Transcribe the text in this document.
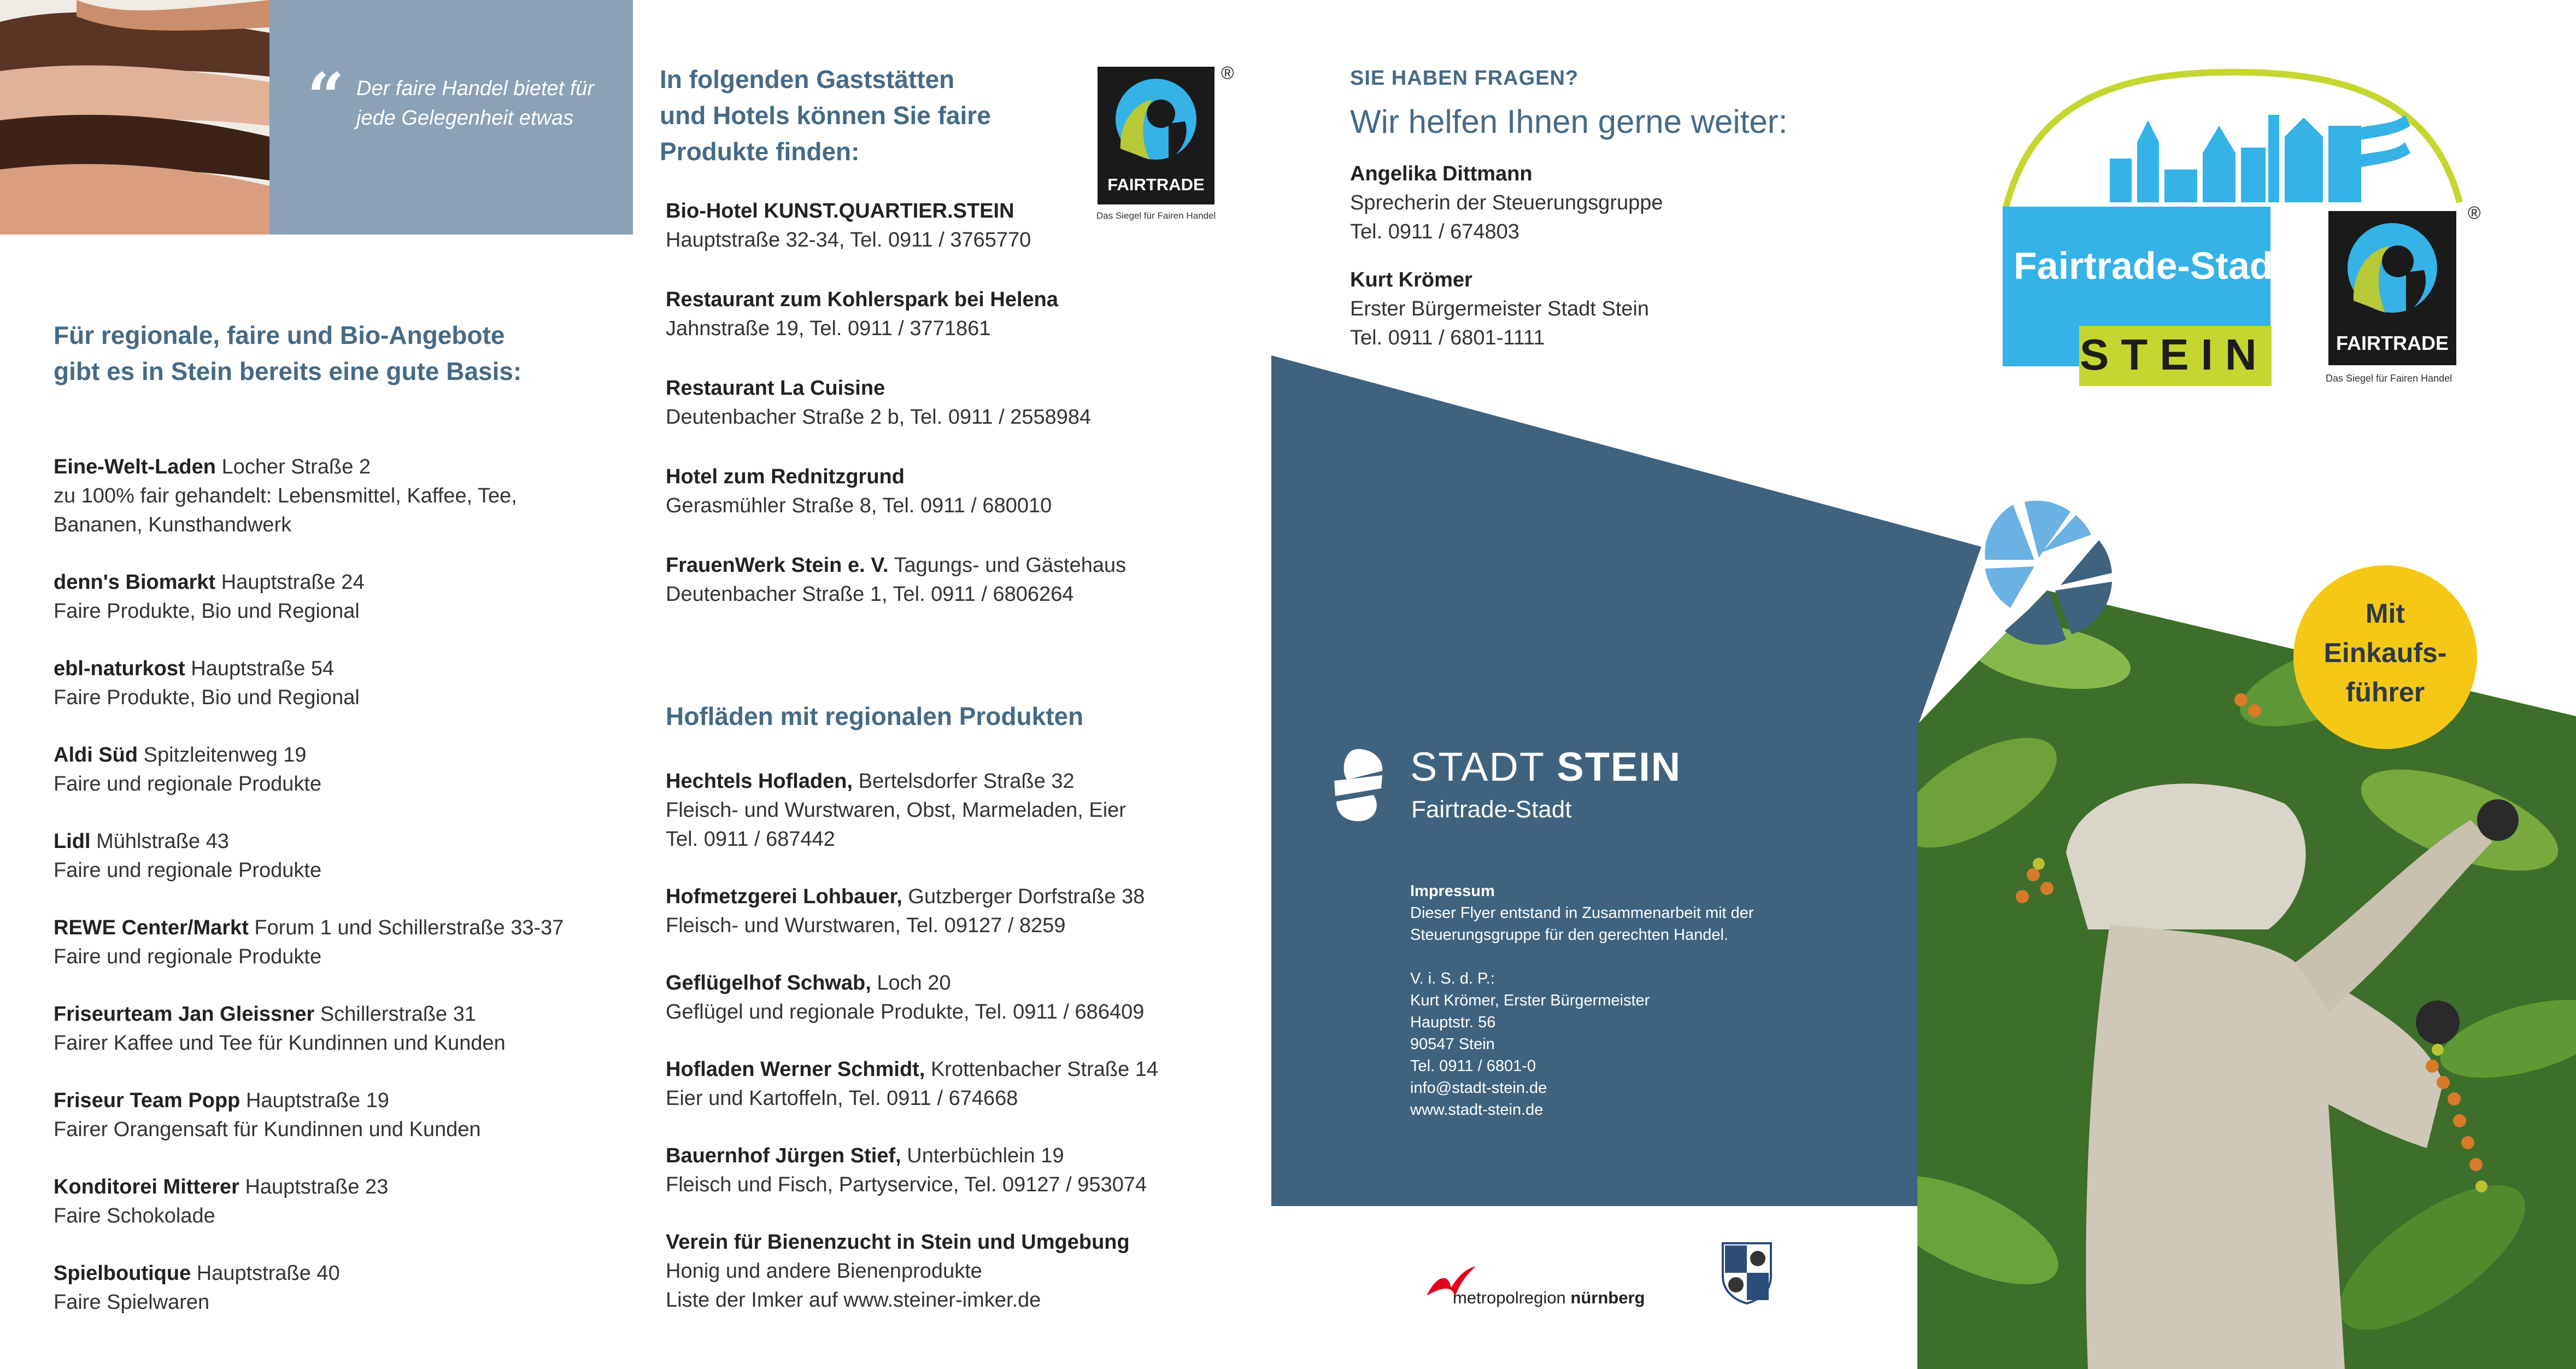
“ Der faire Handel bietet für jede Gelegenheit etwas
Für regionale, faire und Bio-Angebote gibt es in Stein bereits eine gute Basis:
Eine-Welt-Laden Locher Straße 2
zu 100% fair gehandelt: Lebensmittel, Kaffee, Tee, Bananen, Kunsthandwerk
denn's Biomarkt Hauptstraße 24
Faire Produkte, Bio und Regional
ebl-naturkost Hauptstraße 54
Faire Produkte, Bio und Regional
Aldi Süd Spitzleitenweg 19
Faire und regionale Produkte
Lidl Mühlstraße 43
Faire und regionale Produkte
REWE Center/Markt Forum 1 und Schillerstraße 33-37
Faire und regionale Produkte
Friseurteam Jan Gleissner Schillerstraße 31
Fairer Kaffee und Tee für Kundinnen und Kunden
Friseur Team Popp Hauptstraße 19
Fairer Orangensaft für Kundinnen und Kunden
Konditorei Mitterer Hauptstraße 23
Faire Schokolade
Spielboutique Hauptstraße 40
Faire Spielwaren
In folgenden Gaststätten und Hotels können Sie faire Produkte finden:
FAIRTRADE
®
Das Siegel für Fairen Handel
Bio-Hotel KUNST.QUARTIER.STEIN
Hauptstraße 32-34, Tel. 0911 / 3765770
Restaurant zum Kohlerspark bei Helena
Jahnstraße 19, Tel. 0911 / 3771861
Restaurant La Cuisine
Deutenbacher Straße 2 b, Tel. 0911 / 2558984
Hotel zum Rednitzgrund
Gerasmühler Straße 8, Tel. 0911 / 680010
FrauenWerk Stein e. V. Tagungs- und Gästehaus
Deutenbacher Straße 1, Tel. 0911 / 6806264
Hofläden mit regionalen Produkten
Hechtels Hofladen, Bertelsdorfer Straße 32
Fleisch- und Wurstwaren, Obst, Marmeladen, Eier
Tel. 0911 / 687442
Hofmetzgerei Lohbauer, Gutzberger Dorfstraße 38
Fleisch- und Wurstwaren, Tel. 09127 / 8259
Geflügelhof Schwab, Loch 20
Geflügel und regionale Produkte, Tel. 0911 / 686409
Hofladen Werner Schmidt, Krottenbacher Straße 14
Eier und Kartoffeln, Tel. 0911 / 674668
Bauernhof Jürgen Stief, Unterbüchlein 19
Fleisch und Fisch, Partyservice, Tel. 09127 / 953074
Verein für Bienenzucht in Stein und Umgebung
Honig und andere Bienenprodukte
Liste der Imker auf www.steiner-imker.de
SIE HABEN FRAGEN?
Wir helfen Ihnen gerne weiter:
Angelika Dittmann
Sprecherin der Steuerungsgruppe
Tel. 0911 / 674803
Kurt Krömer
Erster Bürgermeister Stadt Stein
Tel. 0911 / 6801-1111
STADT STEIN
Fairtrade-Stadt
Impressum
Dieser Flyer entstand in Zusammenarbeit mit der
Steuerungsgruppe für den gerechten Handel.
V. i. S. d. P.:
Kurt Krömer, Erster Bürgermeister
Hauptstr. 56
90547 Stein
Tel. 0911 / 6801-0
info@stadt-stein.de
www.stadt-stein.de
metropolregion nürnberg
FAIRTRADE
®
Fairtrade-Stadt
STEIN	Das Siegel für Fairen Handel
Mit
Einkaufs-
führer
